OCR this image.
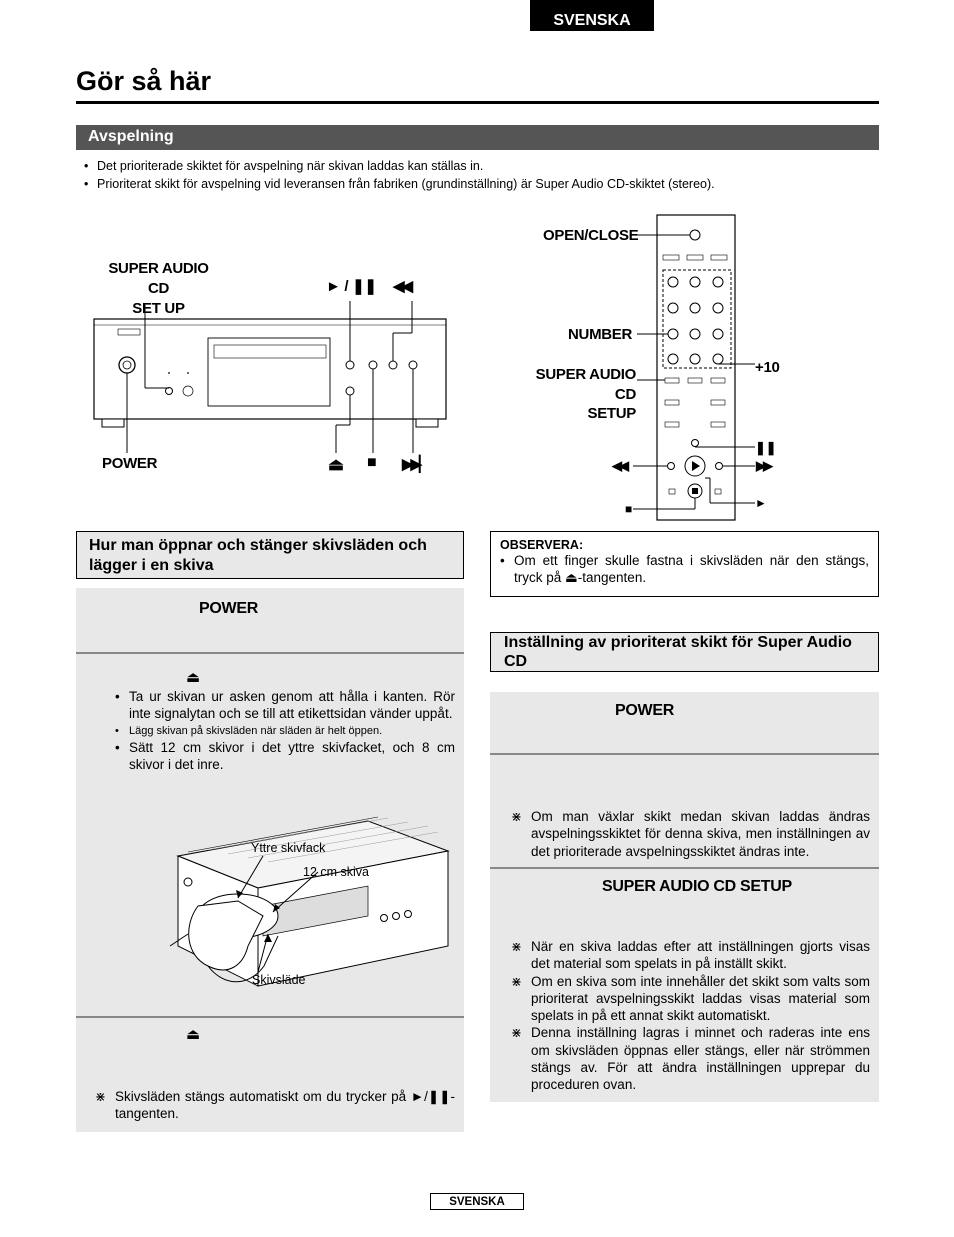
SVENSKA
Gör så här
Avspelning
• Det prioriterade skiktet för avspelning när skivan laddas kan ställas in.
• Prioriterat skikt för avspelning vid leveransen från fabriken (grundinställning) är Super Audio CD-skiktet (stereo).
SUPER AUDIO CD
SET UP
► / ❚❚ ◀◀
POWER	⏏ ■ ▶▶▏
OPEN/CLOSE
NUMBER
SUPER AUDIO CD
SETUP
+10
❚❚
◀◀	▶▶
►
■
Hur man öppnar och stänger skivsläden och lägger i en skiva
POWER
⏏
• Ta ur skivan ur asken genom att hålla i kanten. Rör inte signalytan och se till att etikettsidan vänder uppåt.
• Lägg skivan på skivsläden när släden är helt öppen.
• Sätt 12 cm skivor i det yttre skivfacket, och 8 cm skivor i det inre.
Yttre skivfack
12 cm skiva
Skivsläde
⏏
⋇ Skivsläden stängs automatiskt om du trycker på ►/❚❚-tangenten.
OBSERVERA:
• Om ett finger skulle fastna i skivsläden när den stängs, tryck på ⏏-tangenten.
Inställning av prioriterat skikt för Super Audio CD
POWER
⋇ Om man växlar skikt medan skivan laddas ändras avspelningsskiktet för denna skiva, men inställningen av det prioriterade avspelningsskiktet ändras inte.
SUPER AUDIO CD SETUP
⋇ När en skiva laddas efter att inställningen gjorts visas det material som spelats in på inställt skikt.
⋇ Om en skiva som inte innehåller det skikt som valts som prioriterat avspelningsskikt laddas visas material som spelats in på ett annat skikt automatiskt.
⋇ Denna inställning lagras i minnet och raderas inte ens om skivsläden öppnas eller stängs, eller när strömmen stängs av. För att ändra inställningen upprepar du proceduren ovan.
SVENSKA
